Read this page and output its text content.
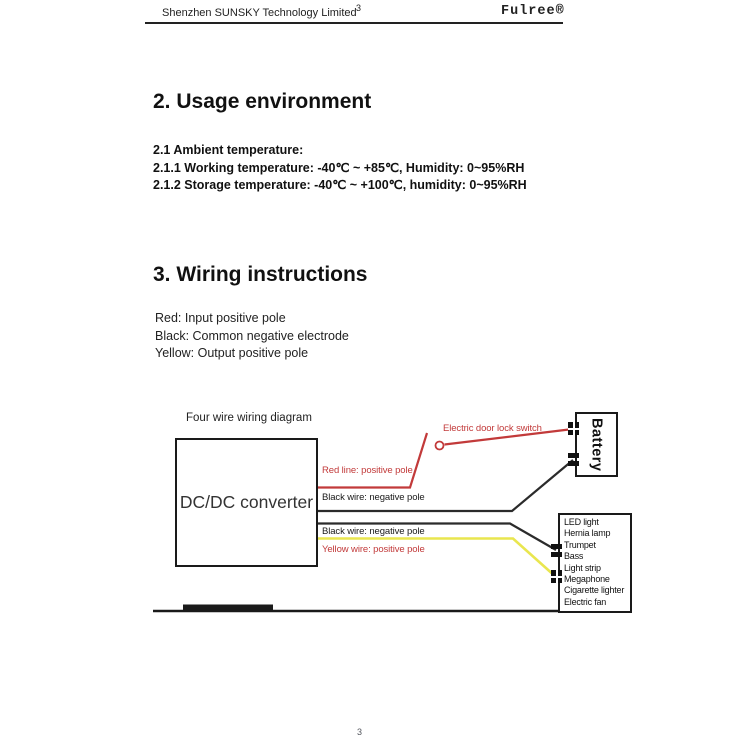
Shenzhen SUNSKY Technology Limited 3	Fulree®
2. Usage environment
2.1 Ambient temperature:
2.1.1 Working temperature: -40℃ ~ +85℃, Humidity: 0~95%RH
2.1.2 Storage temperature: -40℃ ~ +100℃, humidity: 0~95%RH
3. Wiring instructions
Red: Input positive pole
Black: Common negative electrode
Yellow: Output positive pole
Four wire wiring diagram
DC/DC converter
Battery
LED light
Hernia lamp
Trumpet
Bass
Light strip
Megaphone
Cigarette lighter
Electric fan
Electric door lock switch
Red line: positive pole
Black wire: negative pole
Black wire: negative pole
Yellow wire: positive pole
3
